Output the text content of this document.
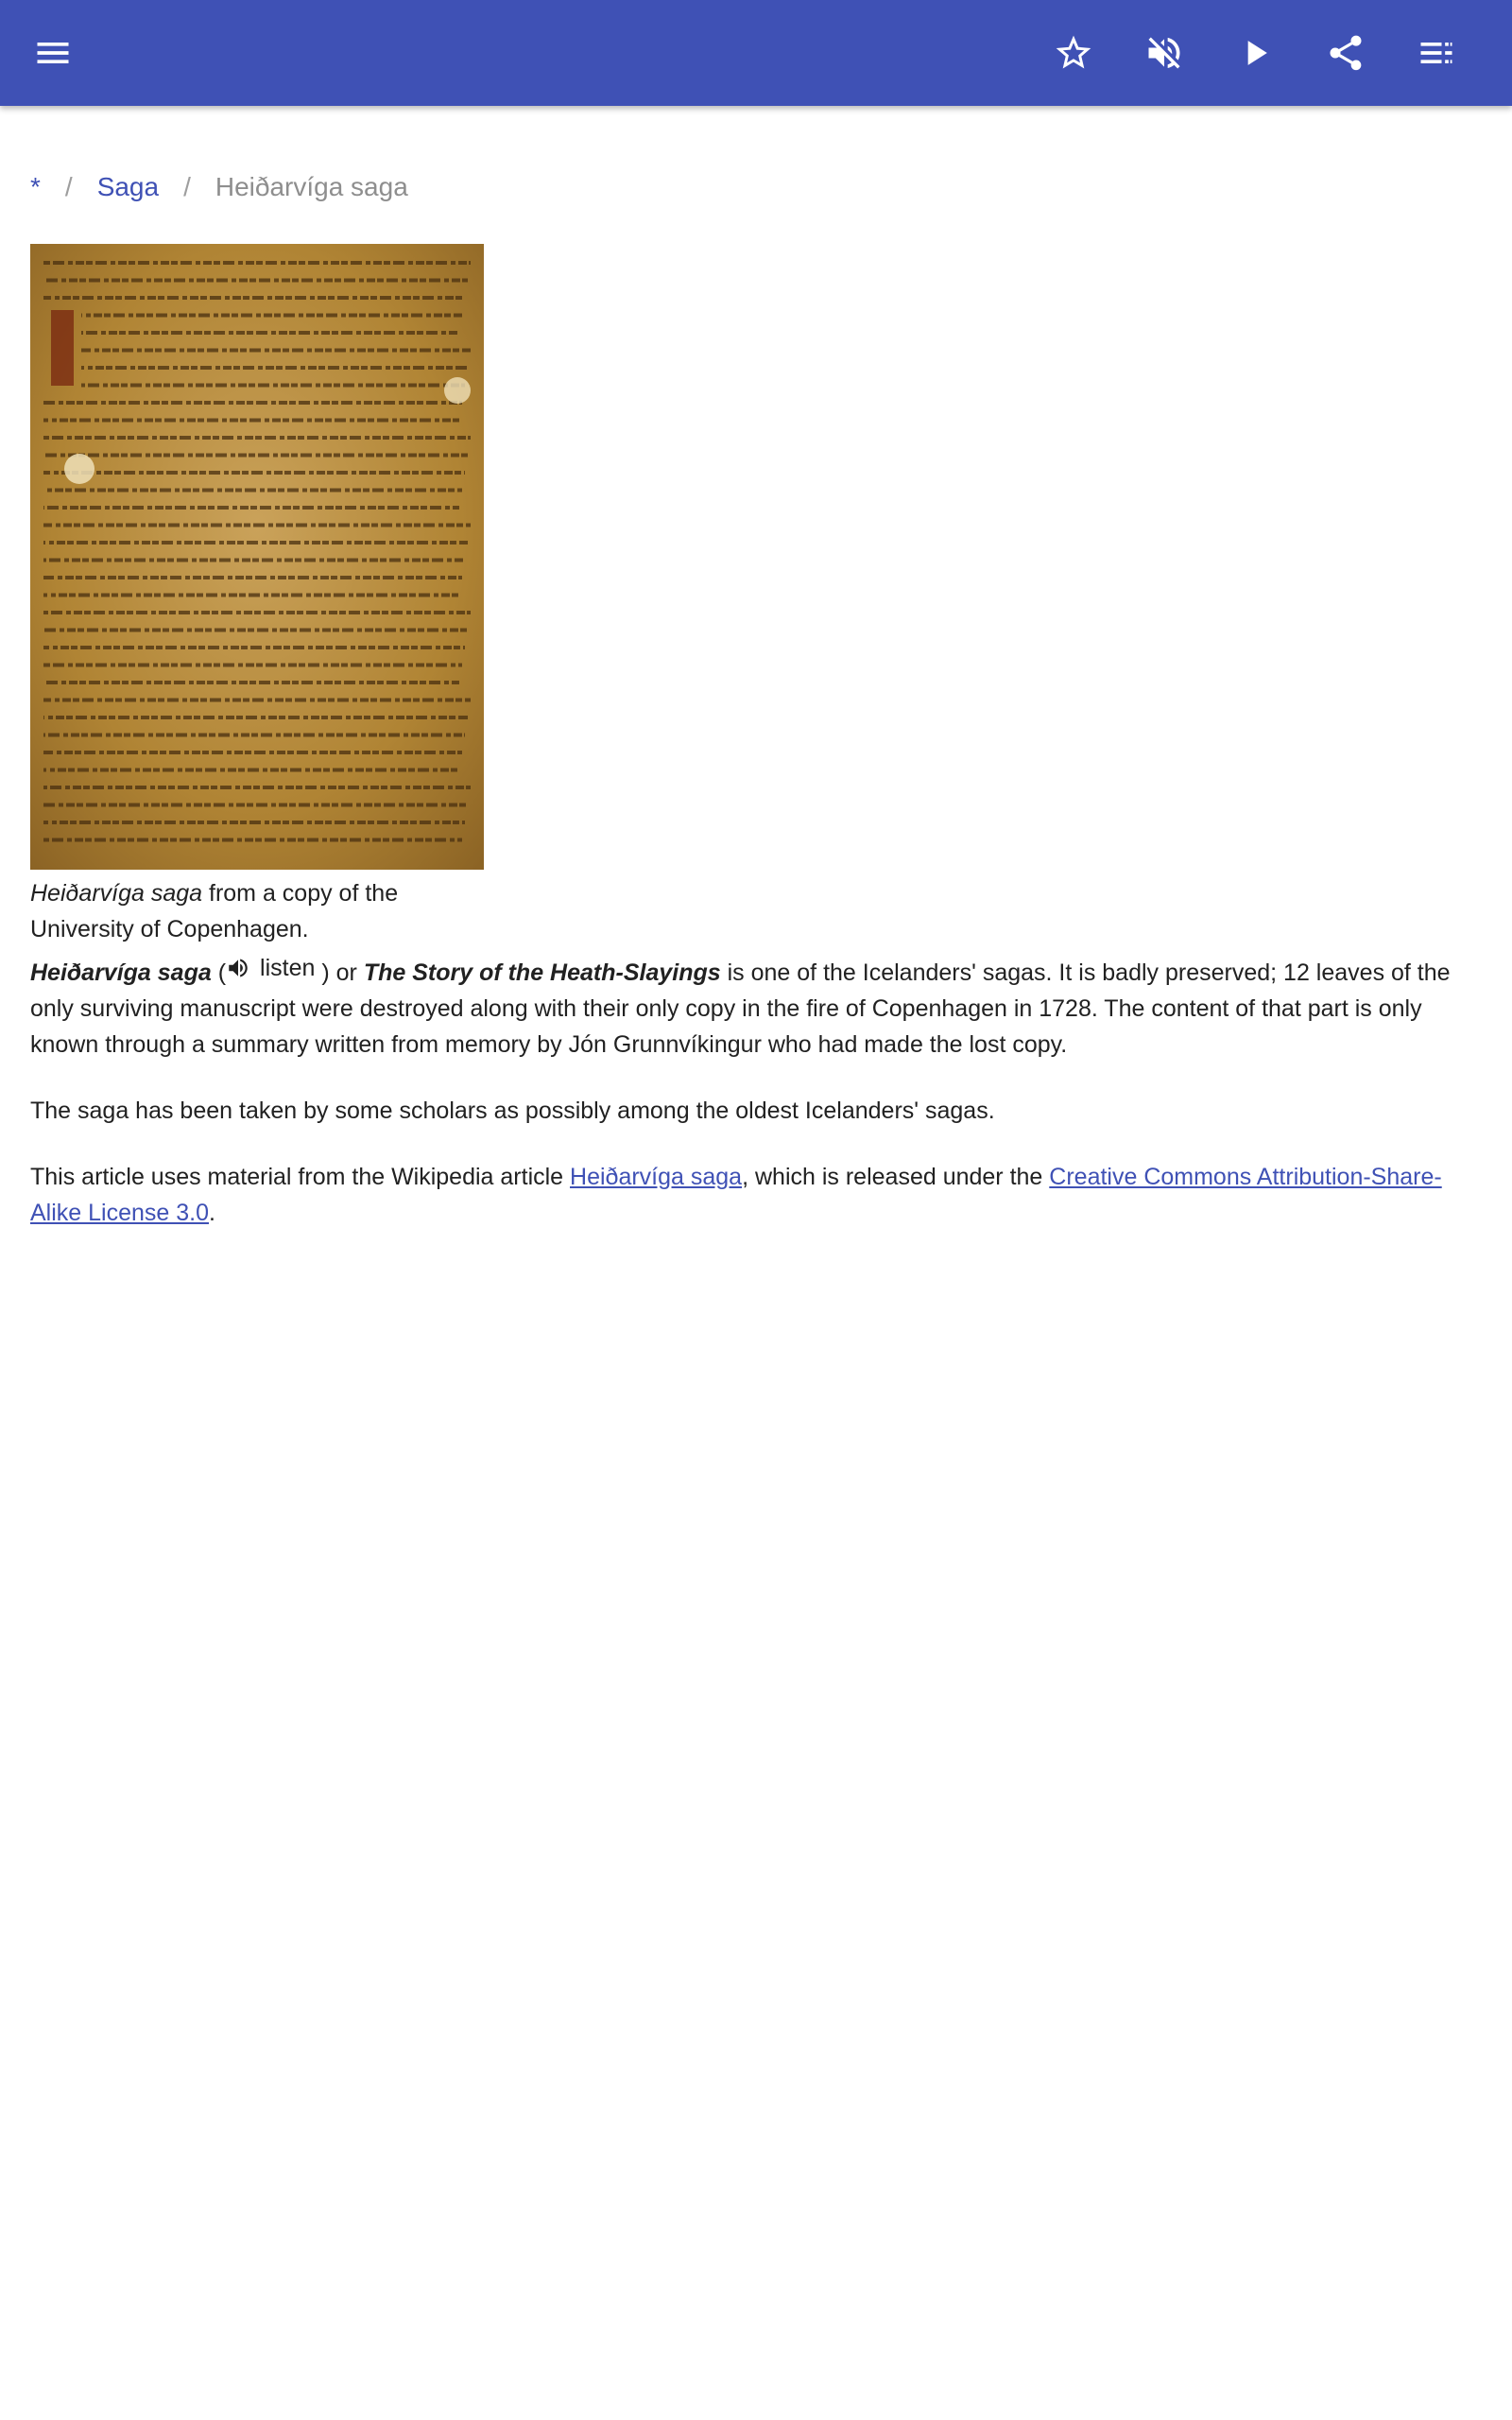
* / Saga / Heiðarvíga saga
Heiðarvíga saga from a copy of the University of Copenhagen.

Heiðarvíga saga ( listen ) or The Story of the Heath-Slayings is one of the Icelanders' sagas. It is badly preserved; 12 leaves of the only surviving manuscript were destroyed along with their only copy in the fire of Copenhagen in 1728. The content of that part is only known through a summary written from memory by Jón Grunnvíkingur who had made the lost copy.

The saga has been taken by some scholars as possibly among the oldest Icelanders' sagas.

This article uses material from the Wikipedia article Heiðarvíga saga, which is released under the Creative Commons Attribution-Share-Alike License 3.0.
